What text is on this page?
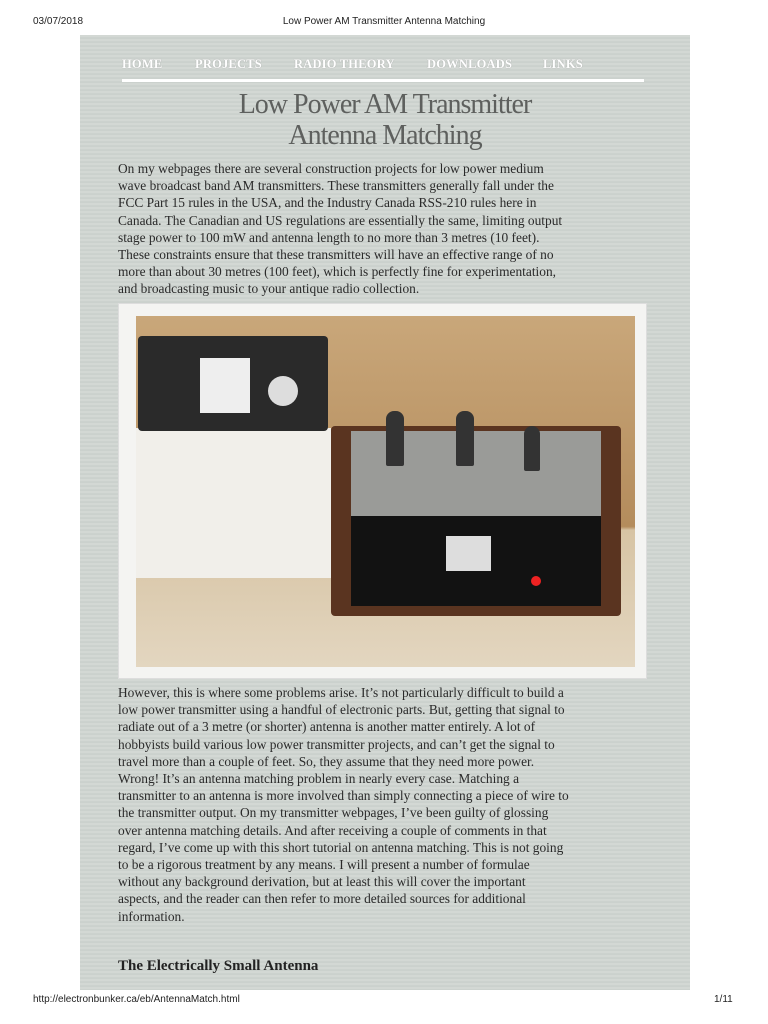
03/07/2018	Low Power AM Transmitter Antenna Matching
HOME	PROJECTS	RADIO THEORY	DOWNLOADS LINKS
Low Power AM Transmitter
Antenna Matching
On my webpages there are several construction projects for low power medium
wave broadcast band AM transmitters. These transmitters generally fall under the
FCC Part 15 rules in the USA, and the Industry Canada RSS-210 rules here in
Canada. The Canadian and US regulations are essentially the same, limiting output
stage power to 100 mW and antenna length to no more than 3 metres (10 feet).
These constraints ensure that these transmitters will have an effective range of no
more than about 30 metres (100 feet), which is perfectly fine for experimentation,
and broadcasting music to your antique radio collection.
However, this is where some problems arise. It’s not particularly difficult to build a
low power transmitter using a handful of electronic parts. But, getting that signal to
radiate out of a 3 metre (or shorter) antenna is another matter entirely. A lot of
hobbyists build various low power transmitter projects, and can’t get the signal to
travel more than a couple of feet. So, they assume that they need more power.
Wrong! It’s an antenna matching problem in nearly every case. Matching a
transmitter to an antenna is more involved than simply connecting a piece of wire to
the transmitter output. On my transmitter webpages, I’ve been guilty of glossing
over antenna matching details. And after receiving a couple of comments in that
regard, I’ve come up with this short tutorial on antenna matching. This is not going
to be a rigorous treatment by any means. I will present a number of formulae
without any background derivation, but at least this will cover the important
aspects, and the reader can then refer to more detailed sources for additional
information.
The Electrically Small Antenna
http://electronbunker.ca/eb/AntennaMatch.html	1/11
